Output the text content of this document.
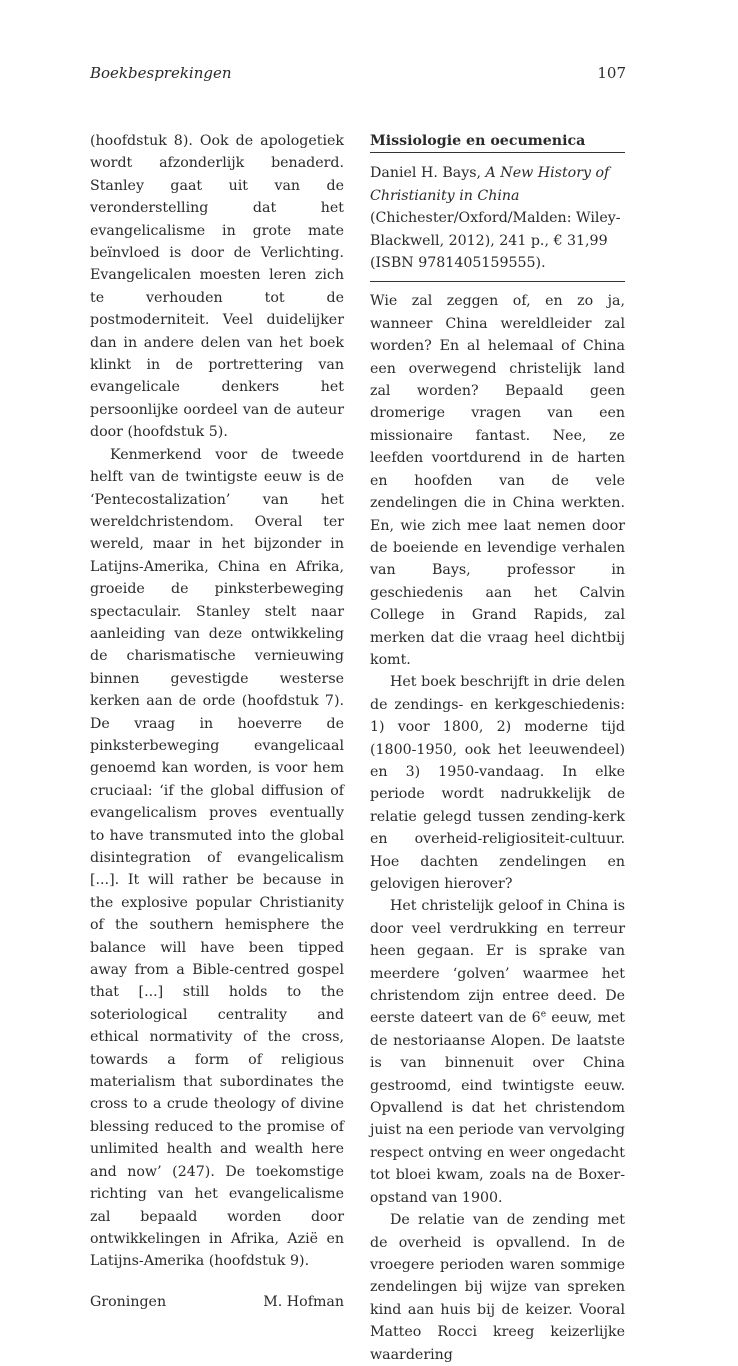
Boekbesprekingen	107

(hoofdstuk 8). Ook de apologetiek wordt afzonderlijk benaderd. Stanley gaat uit van de veronderstelling dat het evangelicalisme in grote mate beïnvloed is door de Verlichting. Evangelicalen moesten leren zich te verhouden tot de postmoderniteit. Veel duidelijker dan in andere delen van het boek klinkt in de portrettering van evangelicale denkers het persoonlijke oordeel van de auteur door (hoofdstuk 5).

Kenmerkend voor de tweede helft van de twintigste eeuw is de ‘Pentecostalization’ van het wereldchristendom. Overal ter wereld, maar in het bijzonder in Latijns-Amerika, China en Afrika, groeide de pinksterbeweging spectaculair. Stanley stelt naar aanleiding van deze ontwikkeling de charismatische vernieuwing binnen gevestigde westerse kerken aan de orde (hoofdstuk 7). De vraag in hoeverre de pinksterbeweging evangelicaal genoemd kan worden, is voor hem cruciaal: ‘if the global diffusion of evangelicalism proves eventually to have transmuted into the global disintegration of evangelicalism [...]. It will rather be because in the explosive popular Christianity of the southern hemisphere the balance will have been tipped away from a Bible-centred gospel that [...] still holds to the soteriological centrality and ethical normativity of the cross, towards a form of religious materialism that subordinates the cross to a crude theology of divine blessing reduced to the promise of unlimited health and wealth here and now’ (247). De toekomstige richting van het evangelicalisme zal bepaald worden door ontwikkelingen in Afrika, Azië en Latijns-Amerika (hoofdstuk 9).

Groningen	M. Hofman

Missiologie en oecumenica

Daniel H. Bays, A New History of Christianity in China (Chichester/Oxford/Malden: Wiley-Blackwell, 2012), 241 p., € 31,99 (ISBN 9781405159555).

Wie zal zeggen of, en zo ja, wanneer China wereldleider zal worden? En al helemaal of China een overwegend christelijk land zal worden? Bepaald geen dromerige vragen van een missionaire fantast. Nee, ze leefden voortdurend in de harten en hoofden van de vele zendelingen die in China werkten. En, wie zich mee laat nemen door de boeiende en levendige verhalen van Bays, professor in geschiedenis aan het Calvin College in Grand Rapids, zal merken dat die vraag heel dichtbij komt.

Het boek beschrijft in drie delen de zendings- en kerkgeschiedenis: 1) voor 1800, 2) moderne tijd (1800-1950, ook het leeuwendeel) en 3) 1950-vandaag. In elke periode wordt nadrukkelijk de relatie gelegd tussen zending-kerk en overheid-religiositeit-cultuur. Hoe dachten zendelingen en gelovigen hierover?

Het christelijk geloof in China is door veel verdrukking en terreur heen gegaan. Er is sprake van meerdere ‘golven’ waarmee het christendom zijn entree deed. De eerste dateert van de 6e eeuw, met de nestoriaanse Alopen. De laatste is van binnenuit over China gestroomd, eind twintigste eeuw. Opvallend is dat het christendom juist na een periode van vervolging respect ontving en weer ongedacht tot bloei kwam, zoals na de Boxer-opstand van 1900.

De relatie van de zending met de overheid is opvallend. In de vroegere perioden waren sommige zendelingen bij wijze van spreken kind aan huis bij de keizer. Vooral Matteo Rocci kreeg keizerlijke waardering
